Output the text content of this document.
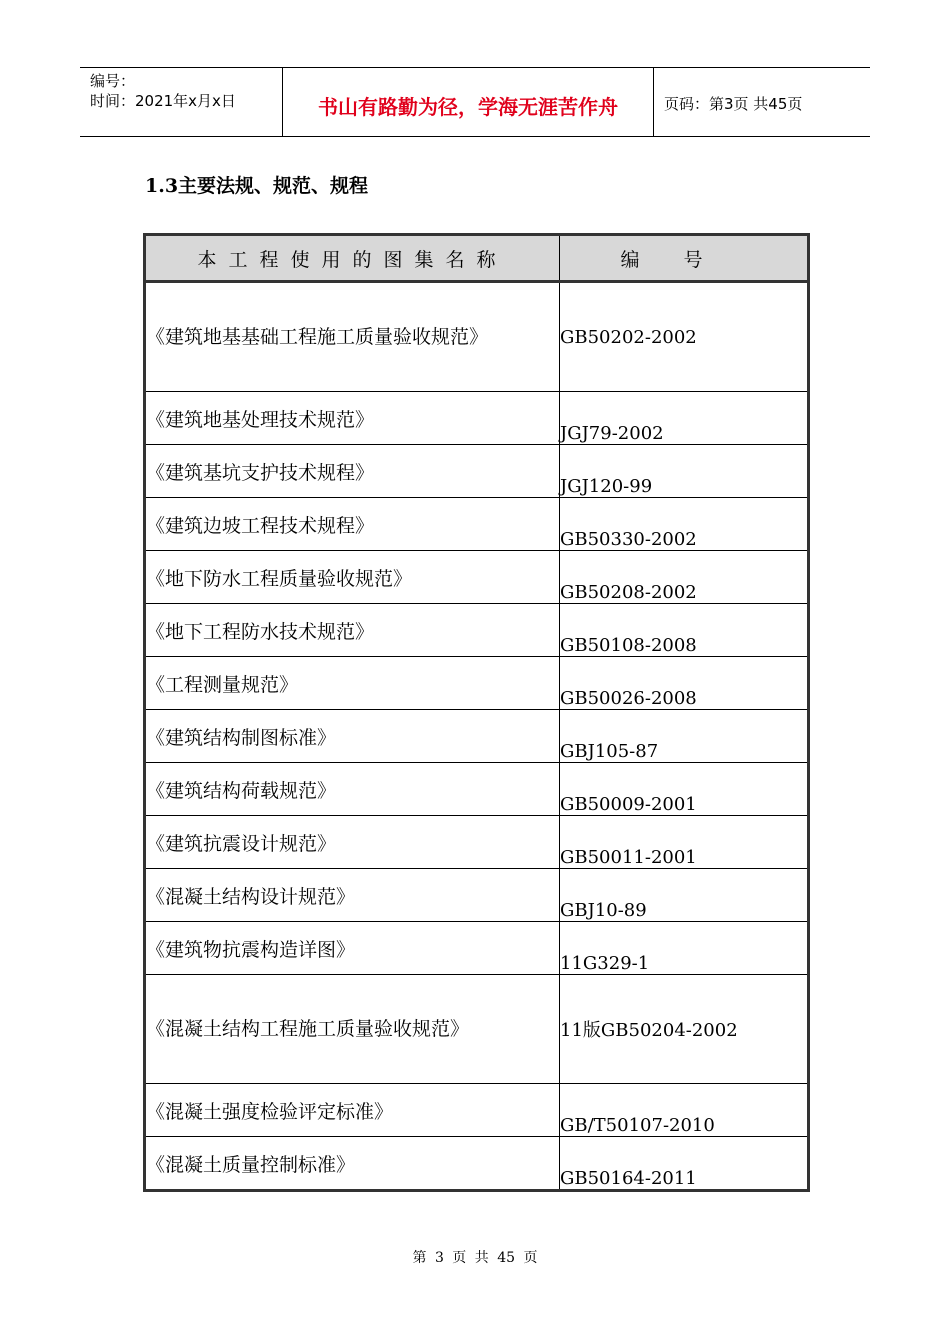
编号：
时间：2021年x月x日	书山有路勤为径，学海无涯苦作舟	页码：第3页 共45页
1.3主要法规、规范、规程
本工程使用的图集名称	编号
《建筑地基基础工程施工质量验收规范》	GB50202-2002
《建筑地基处理技术规范》	JGJ79-2002
《建筑基坑支护技术规程》	JGJ120-99
《建筑边坡工程技术规程》	GB50330-2002
《地下防水工程质量验收规范》	GB50208-2002
《地下工程防水技术规范》	GB50108-2008
《工程测量规范》	GB50026-2008
《建筑结构制图标准》	GBJ105-87
《建筑结构荷载规范》	GB50009-2001
《建筑抗震设计规范》	GB50011-2001
《混凝土结构设计规范》	GBJ10-89
《建筑物抗震构造详图》	11G329-1
《混凝土结构工程施工质量验收规范》	11版GB50204-2002
《混凝土强度检验评定标准》	GB/T50107-2010
《混凝土质量控制标准》	GB50164-2011
第 3 页 共 45 页
